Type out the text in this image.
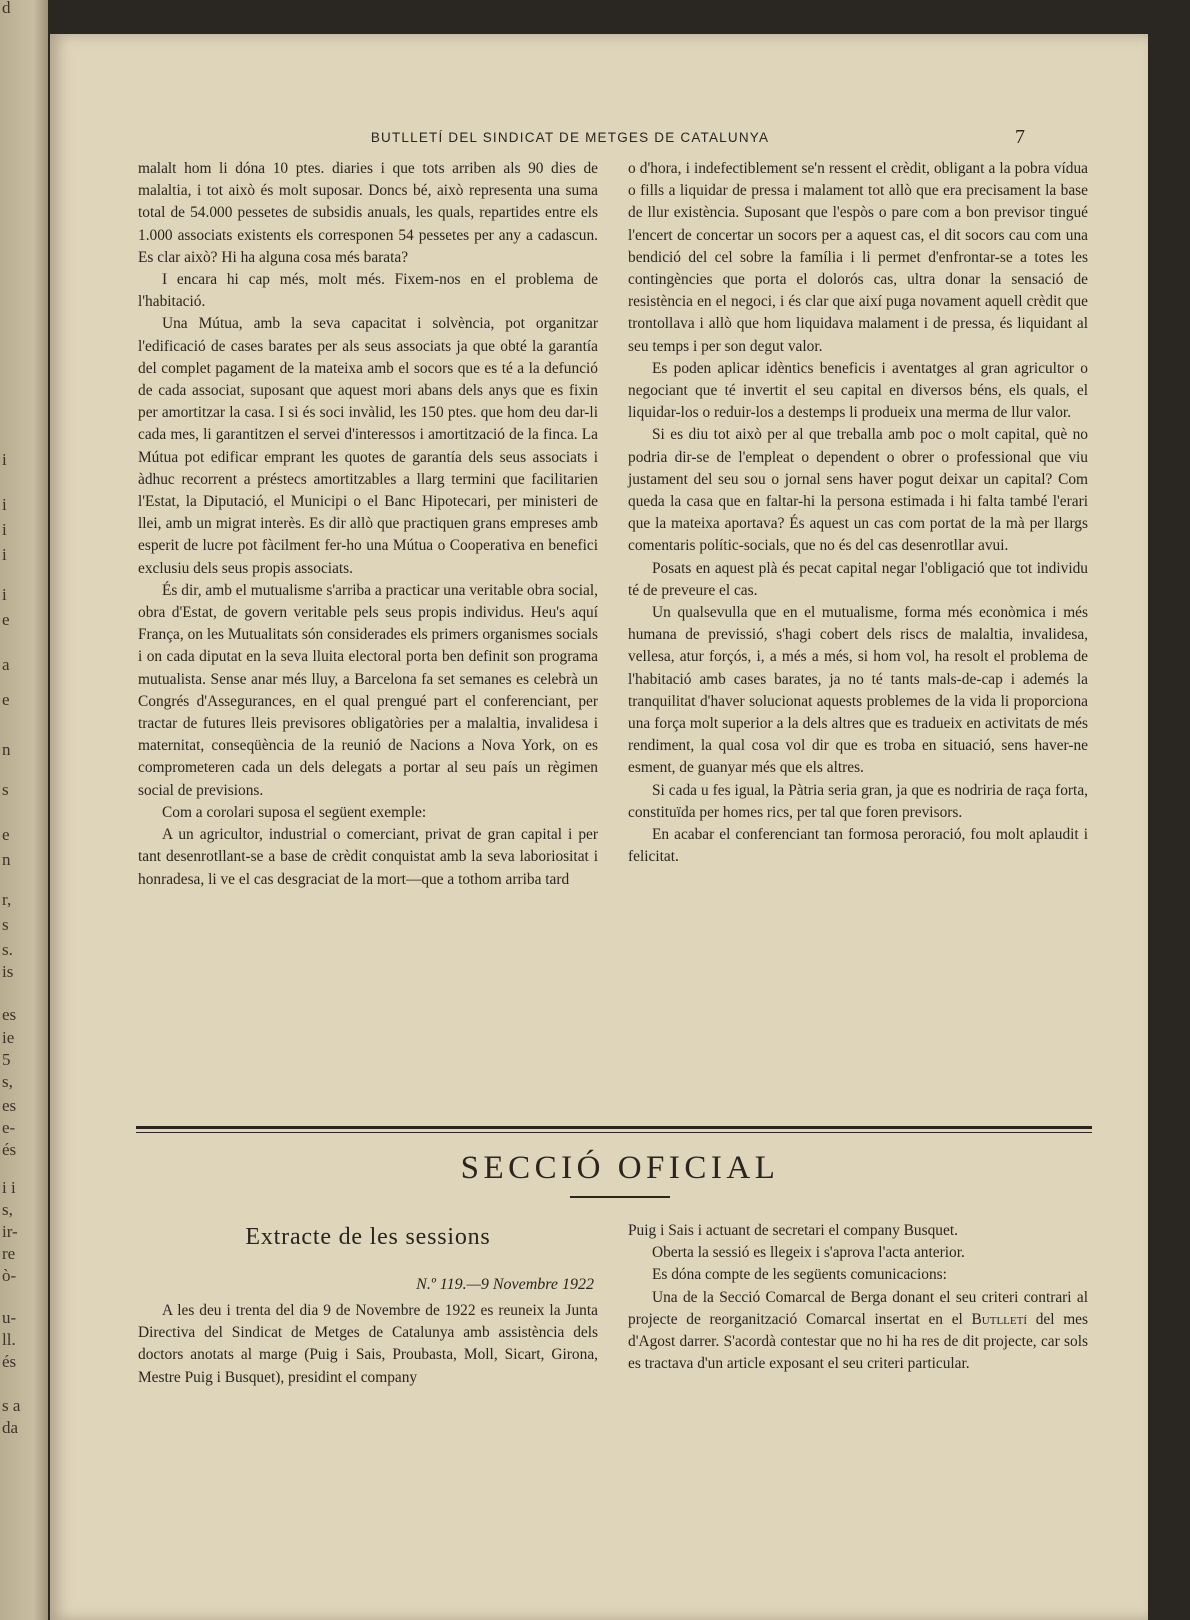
d
i
i
i
i
i
e
a
e
n
s
e
n
r,
s
s.
is
es
ie
5
s,
es
e-
és
i i
s,
ir-
re
ò-
u-
ll.
és
s a
da
BUTLLETÍ DEL SINDICAT DE METGES DE CATALUNYA	7

malalt hom li dóna 10 ptes. diaries i que tots arriben als 90 dies de malaltia, i tot això és molt suposar. Doncs bé, això representa una suma total de 54.000 pessetes de subsidis anuals, les quals, repartides entre els 1.000 associats existents els corresponen 54 pessetes per any a cadascun. Es clar això? Hi ha alguna cosa més barata?

I encara hi cap més, molt més. Fixem-nos en el problema de l'habitació.

Una Mútua, amb la seva capacitat i solvència, pot organitzar l'edificació de cases barates per als seus associats ja que obté la garantía del complet pagament de la mateixa amb el socors que es té a la defunció de cada associat, suposant que aquest mori abans dels anys que es fixin per amortitzar la casa. I si és soci invàlid, les 150 ptes. que hom deu dar-li cada mes, li garantitzen el servei d'interessos i amortització de la finca. La Mútua pot edificar emprant les quotes de garantía dels seus associats i àdhuc recorrent a préstecs amortitzables a llarg termini que facilitarien l'Estat, la Diputació, el Municipi o el Banc Hipotecari, per ministeri de llei, amb un migrat interès. Es dir allò que practiquen grans empreses amb esperit de lucre pot fàcilment fer-ho una Mútua o Cooperativa en benefici exclusiu dels seus propis associats.

És dir, amb el mutualisme s'arriba a practicar una veritable obra social, obra d'Estat, de govern veritable pels seus propis individus. Heu's aquí França, on les Mutualitats són considerades els primers organismes socials i on cada diputat en la seva lluita electoral porta ben definit son programa mutualista. Sense anar més lluy, a Barcelona fa set semanes es celebrà un Congrés d'Assegurances, en el qual prengué part el conferenciant, per tractar de futures lleis previsores obligatòries per a malaltia, invalidesa i maternitat, conseqüència de la reunió de Nacions a Nova York, on es comprometeren cada un dels delegats a portar al seu país un règimen social de previsions.

Com a corolari suposa el següent exemple:

A un agricultor, industrial o comerciant, privat de gran capital i per tant desenrotllant-se a base de crèdit conquistat amb la seva laboriositat i honradesa, li ve el cas desgraciat de la mort—que a tothom arriba tard

o d'hora, i indefectiblement se'n ressent el crèdit, obligant a la pobra vídua o fills a liquidar de pressa i malament tot allò que era precisament la base de llur existència. Suposant que l'espòs o pare com a bon previsor tingué l'encert de concertar un socors per a aquest cas, el dit socors cau com una bendició del cel sobre la família i li permet d'enfrontar-se a totes les contingències que porta el dolorós cas, ultra donar la sensació de resistència en el negoci, i és clar que així puga novament aquell crèdit que trontollava i allò que hom liquidava malament i de pressa, és liquidant al seu temps i per son degut valor.

Es poden aplicar idèntics beneficis i aventatges al gran agricultor o negociant que té invertit el seu capital en diversos béns, els quals, el liquidar-los o reduir-los a destemps li produeix una merma de llur valor.

Si es diu tot això per al que treballa amb poc o molt capital, què no podria dir-se de l'empleat o dependent o obrer o professional que viu justament del seu sou o jornal sens haver pogut deixar un capital? Com queda la casa que en faltar-hi la persona estimada i hi falta també l'erari que la mateixa aportava? És aquest un cas com portat de la mà per llargs comentaris polític-socials, que no és del cas desenrotllar avui.

Posats en aquest plà és pecat capital negar l'obligació que tot individu té de preveure el cas.

Un qualsevulla que en el mutualisme, forma més econòmica i més humana de previssió, s'hagi cobert dels riscs de malaltia, invalidesa, vellesa, atur forçós, i, a més a més, si hom vol, ha resolt el problema de l'habitació amb cases barates, ja no té tants mals-de-cap i ademés la tranquilitat d'haver solucionat aquests problemes de la vida li proporciona una força molt superior a la dels altres que es tradueix en activitats de més rendiment, la qual cosa vol dir que es troba en situació, sens haver-ne esment, de guanyar més que els altres.

Si cada u fes igual, la Pàtria seria gran, ja que es nodriria de raça forta, constituïda per homes rics, per tal que foren previsors.

En acabar el conferenciant tan formosa peroració, fou molt aplaudit i felicitat.

SECCIÓ OFICIAL
Extracte de les sessions
N.º 119.—9 Novembre 1922

A les deu i trenta del dia 9 de Novembre de 1922 es reuneix la Junta Directiva del Sindicat de Metges de Catalunya amb assistència dels doctors anotats al marge (Puig i Sais, Proubasta, Moll, Sicart, Girona, Mestre Puig i Busquet), presidint el company

Puig i Sais i actuant de secretari el company Busquet.

Oberta la sessió es llegeix i s'aprova l'acta anterior.

Es dóna compte de les següents comunicacions:

Una de la Secció Comarcal de Berga donant el seu criteri contrari al projecte de reorganització Comarcal insertat en el Butlletí del mes d'Agost darrer. S'acordà contestar que no hi ha res de dit projecte, car sols es tractava d'un article exposant el seu criteri particular.
